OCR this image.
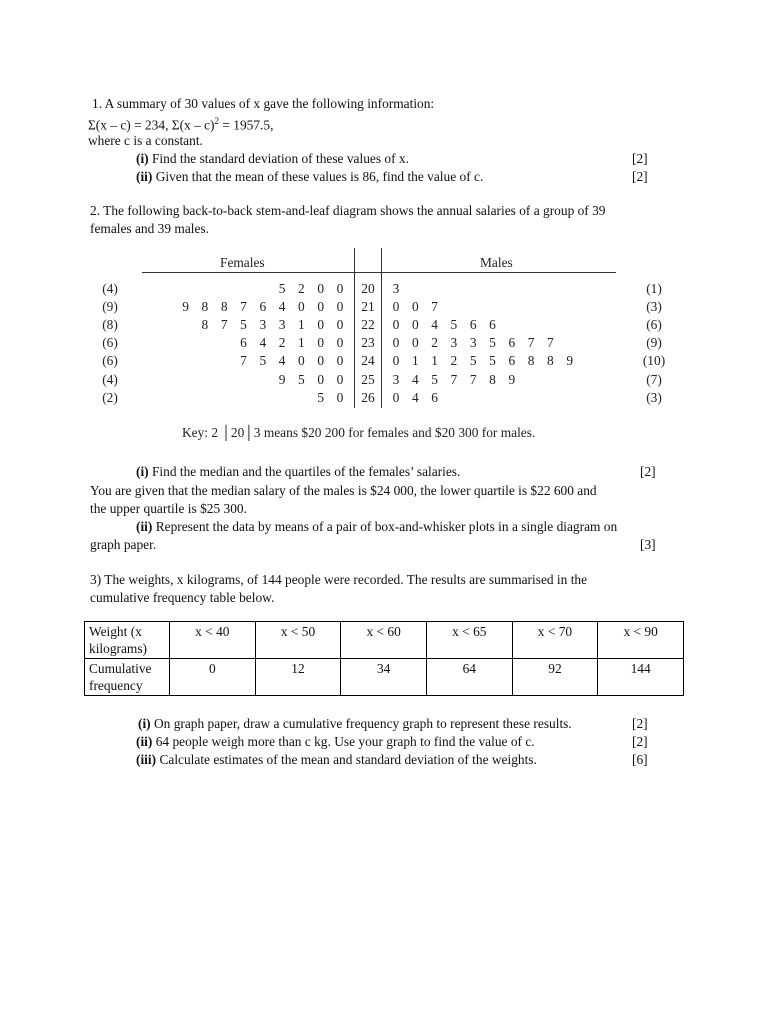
1. A summary of 30 values of x gave the following information:
Σ(x – c) = 234, Σ(x – c)$^2$ = 1957.5,
where c is a constant.
(i) Find the standard deviation of these values of x.	[2]
(ii) Given that the mean of these values is 86, find the value of c.	[2]
2. The following back-to-back stem-and-leaf diagram shows the annual salaries of a group of 39
females and 39 males.
Females	Males
(4)	5 2 0 0	20	3	(1)
(9)	9 8 8 7 6 4 0 0 0	21	0 0 7	(3)
(8)	8 7 5 3 3 1 0 0	22	0 0 4 5 6 6	(6)
(6)	6 4 2 1 0 0	23	0 0 2 3 3 5 6 7 7	(9)
(6)	7 5 4 0 0 0	24	0 1 1 2 5 5 6 8 8 9	(10)
(4)	9 5 0 0	25	3 4 5 7 7 8 9	(7)
(2)	5 0	26	0 4 6	(3)
Key: 2 │20│3 means $20 200 for females and $20 300 for males.
(i) Find the median and the quartiles of the females’ salaries.	[2]
You are given that the median salary of the males is $24 000, the lower quartile is $22 600 and
the upper quartile is $25 300.
(ii) Represent the data by means of a pair of box-and-whisker plots in a single diagram on
graph paper.	[3]
3) The weights, x kilograms, of 144 people were recorded. The results are summarised in the
cumulative frequency table below.
Weight (x kilograms)	x < 40	x < 50	x < 60	x < 65	x < 70	x < 90
Cumulative frequency	0	12	34	64	92	144
(i) On graph paper, draw a cumulative frequency graph to represent these results.	[2]
(ii) 64 people weigh more than c kg. Use your graph to find the value of c.	[2]
(iii) Calculate estimates of the mean and standard deviation of the weights.	[6]
